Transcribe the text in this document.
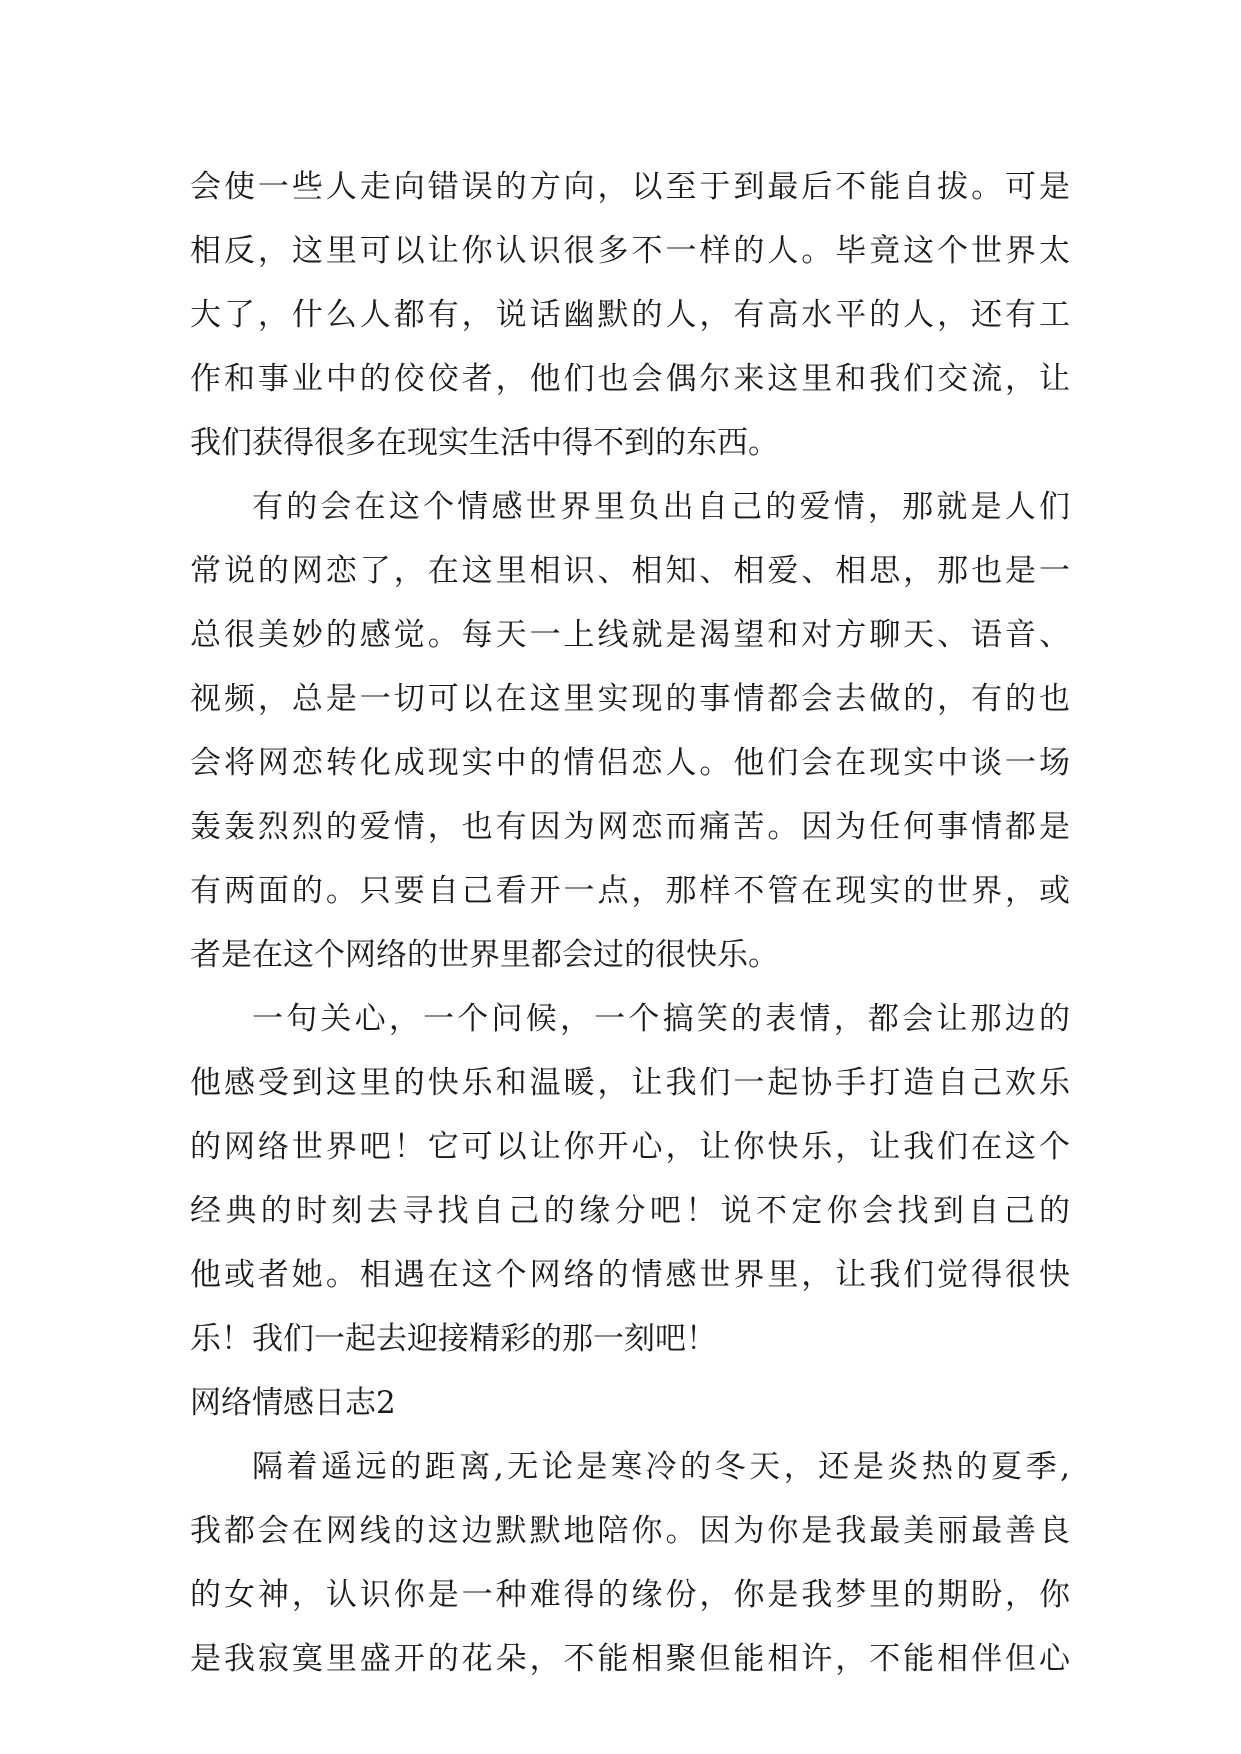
会使一些人走向错误的方向，以至于到最后不能自拔。可是
相反，这里可以让你认识很多不一样的人。毕竟这个世界太
大了，什么人都有，说话幽默的人，有高水平的人，还有工
作和事业中的佼佼者，他们也会偶尔来这里和我们交流，让
我们获得很多在现实生活中得不到的东西。
有的会在这个情感世界里负出自己的爱情，那就是人们
常说的网恋了，在这里相识、相知、相爱、相思，那也是一
总很美妙的感觉。每天一上线就是渴望和对方聊天、语音、
视频，总是一切可以在这里实现的事情都会去做的，有的也
会将网恋转化成现实中的情侣恋人。他们会在现实中谈一场
轰轰烈烈的爱情，也有因为网恋而痛苦。因为任何事情都是
有两面的。只要自己看开一点，那样不管在现实的世界，或
者是在这个网络的世界里都会过的很快乐。
一句关心，一个问候，一个搞笑的表情，都会让那边的
他感受到这里的快乐和温暖，让我们一起协手打造自己欢乐
的网络世界吧！它可以让你开心，让你快乐，让我们在这个
经典的时刻去寻找自己的缘分吧！说不定你会找到自己的
他或者她。相遇在这个网络的情感世界里，让我们觉得很快
乐！我们一起去迎接精彩的那一刻吧！
网络情感日志2
隔着遥远的距离,无论是寒冷的冬天，还是炎热的夏季,
我都会在网线的这边默默地陪你。因为你是我最美丽最善良
的女神，认识你是一种难得的缘份，你是我梦里的期盼，你
是我寂寞里盛开的花朵，不能相聚但能相许，不能相伴但心
